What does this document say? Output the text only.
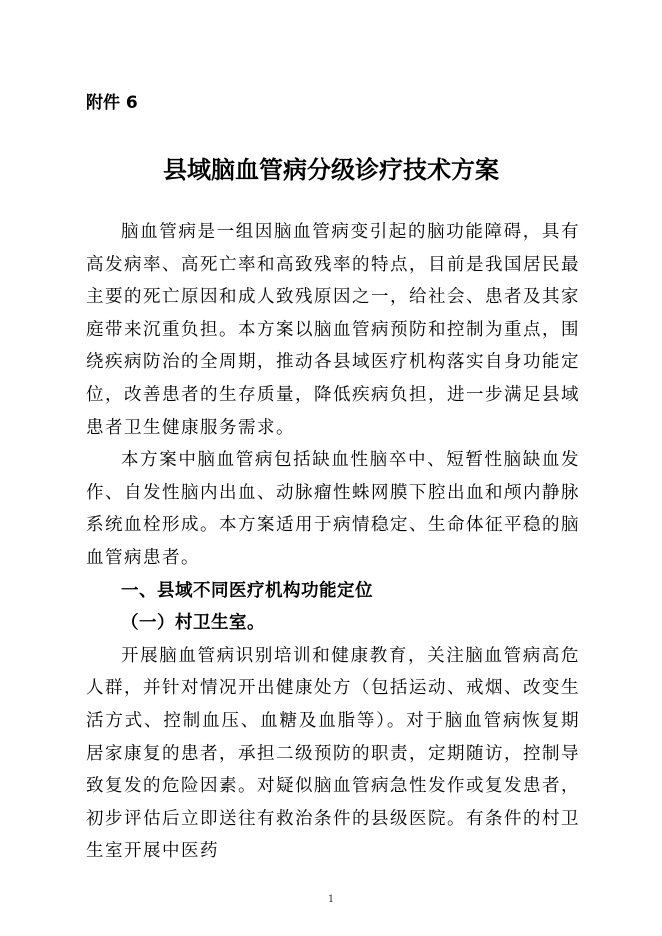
附件 6
县域脑血管病分级诊疗技术方案

脑血管病是一组因脑血管病变引起的脑功能障碍，具有高发病率、高死亡率和高致残率的特点，目前是我国居民最主要的死亡原因和成人致残原因之一，给社会、患者及其家庭带来沉重负担。本方案以脑血管病预防和控制为重点，围绕疾病防治的全周期，推动各县域医疗机构落实自身功能定位，改善患者的生存质量，降低疾病负担，进一步满足县域患者卫生健康服务需求。

本方案中脑血管病包括缺血性脑卒中、短暂性脑缺血发作、自发性脑内出血、动脉瘤性蛛网膜下腔出血和颅内静脉系统血栓形成。本方案适用于病情稳定、生命体征平稳的脑血管病患者。

一、县域不同医疗机构功能定位

（一）村卫生室。

开展脑血管病识别培训和健康教育，关注脑血管病高危人群，并针对情况开出健康处方（包括运动、戒烟、改变生活方式、控制血压、血糖及血脂等）。对于脑血管病恢复期居家康复的患者，承担二级预防的职责，定期随访，控制导致复发的危险因素。对疑似脑血管病急性发作或复发患者，初步评估后立即送往有救治条件的县级医院。有条件的村卫生室开展中医药

1
